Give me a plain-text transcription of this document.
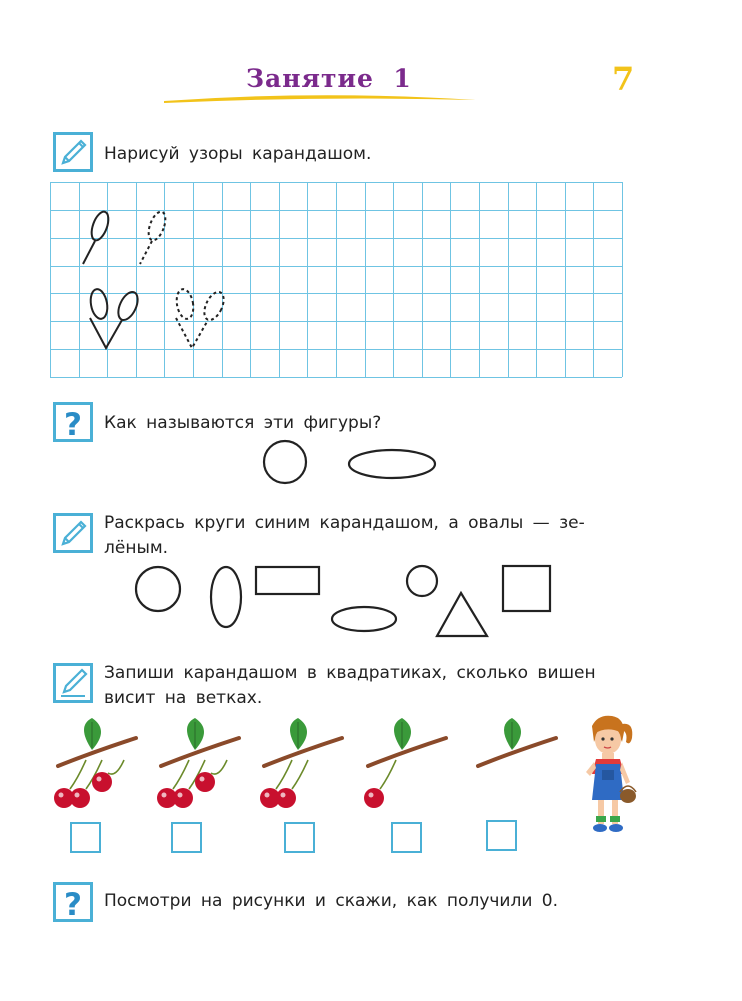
Занятие  1	7
Нарисуй узоры карандашом.
? Как называются эти фигуры?
Раскрась круги синим карандашом, а овалы — зе-
лёным.
Запиши карандашом в квадратиках, сколько вишен
висит на ветках.
? Посмотри на рисунки и скажи, как получили 0.
